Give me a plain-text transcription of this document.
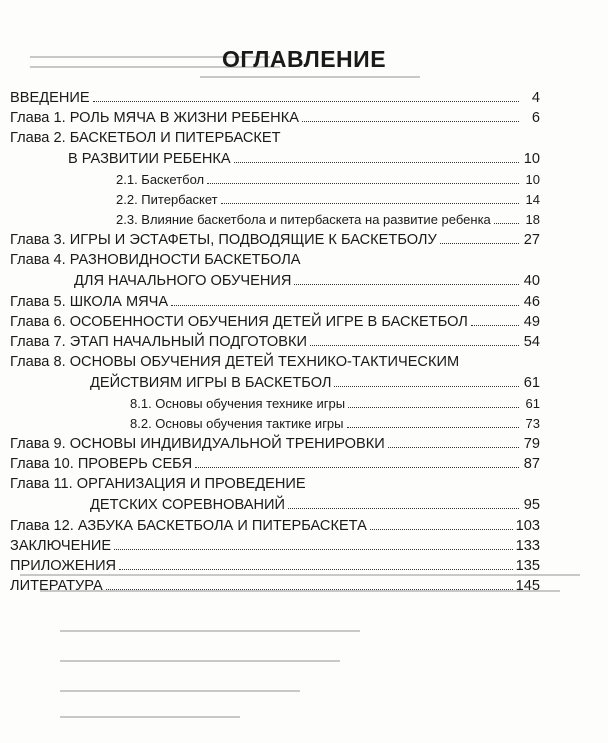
ОГЛАВЛЕНИЕ
ВВЕДЕНИЕ	4
Глава 1. РОЛЬ МЯЧА В ЖИЗНИ РЕБЕНКА	6
Глава 2. БАСКЕТБОЛ И ПИТЕРБАСКЕТ
В РАЗВИТИИ РЕБЕНКА	10
2.1. Баскетбол	10
2.2. Питербаскет	14
2.3. Влияние баскетбола и питербаскета на развитие ребенка	18
Глава 3. ИГРЫ И ЭСТАФЕТЫ, ПОДВОДЯЩИЕ К БАСКЕТБОЛУ	27
Глава 4. РАЗНОВИДНОСТИ БАСКЕТБОЛА
ДЛЯ НАЧАЛЬНОГО ОБУЧЕНИЯ	40
Глава 5. ШКОЛА МЯЧА	46
Глава 6. ОСОБЕННОСТИ ОБУЧЕНИЯ ДЕТЕЙ ИГРЕ В БАСКЕТБОЛ	49
Глава 7. ЭТАП НАЧАЛЬНЫЙ ПОДГОТОВКИ	54
Глава 8. ОСНОВЫ ОБУЧЕНИЯ ДЕТЕЙ ТЕХНИКО-ТАКТИЧЕСКИМ
ДЕЙСТВИЯМ ИГРЫ В БАСКЕТБОЛ	61
8.1. Основы обучения технике игры	61
8.2. Основы обучения тактике игры	73
Глава 9. ОСНОВЫ ИНДИВИДУАЛЬНОЙ ТРЕНИРОВКИ	79
Глава 10. ПРОВЕРЬ СЕБЯ	87
Глава 11. ОРГАНИЗАЦИЯ И ПРОВЕДЕНИЕ
ДЕТСКИХ СОРЕВНОВАНИЙ	95
Глава 12. АЗБУКА БАСКЕТБОЛА И ПИТЕРБАСКЕТА	103
ЗАКЛЮЧЕНИЕ	133
ПРИЛОЖЕНИЯ	135
ЛИТЕРАТУРА	145
